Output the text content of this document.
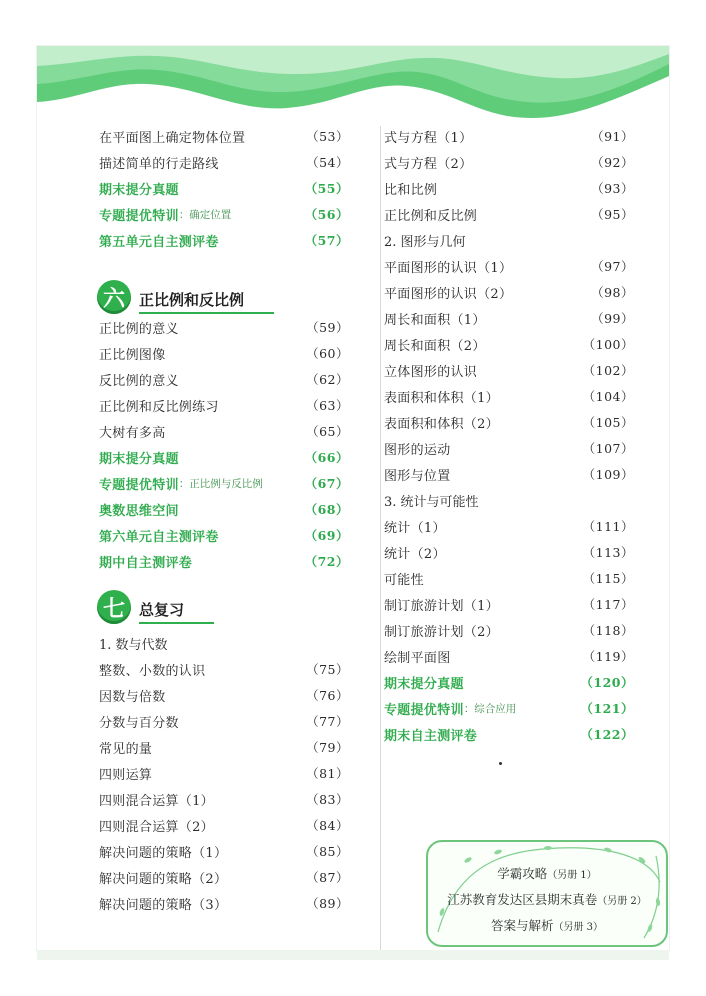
在平面图上确定物体位置	（53）
描述简单的行走路线	（54）
期末提分真题	（55）
专题提优特训 ：确定位置	（56）
第五单元自主测评卷	（57）
六 正比例和反比例
正比例的意义	（59）
正比例图像	（60）
反比例的意义	（62）
正比例和反比例练习	（63）
大树有多高	（65）
期末提分真题	（66）
专题提优特训 ：正比例与反比例	（67）
奥数思维空间	（68）
第六单元自主测评卷	（69）
期中自主测评卷	（72）
七 总复习
1. 数与代数
整数、小数的认识	（75）
因数与倍数	（76）
分数与百分数	（77）
常见的量	（79）
四则运算	（81）
四则混合运算（1）	（83）
四则混合运算（2）	（84）
解决问题的策略（1）	（85）
解决问题的策略（2）	（87）
解决问题的策略（3）	（89）
式与方程（1）	（91）
式与方程（2）	（92）
比和比例	（93）
正比例和反比例	（95）
2. 图形与几何
平面图形的认识（1）	（97）
平面图形的认识（2）	（98）
周长和面积（1）	（99）
周长和面积（2）	（100）
立体图形的认识	（102）
表面积和体积（1）	（104）
表面积和体积（2）	（105）
图形的运动	（107）
图形与位置	（109）
3. 统计与可能性
统计（1）	（111）
统计（2）	（113）
可能性	（115）
制订旅游计划（1）	（117）
制订旅游计划（2）	（118）
绘制平面图	（119）
期末提分真题	（120）
专题提优特训 ：综合应用	（121）
期末自主测评卷	（122）
学霸攻略（另册 1）
江苏教育发达区县期末真卷（另册 2）
答案与解析（另册 3）
